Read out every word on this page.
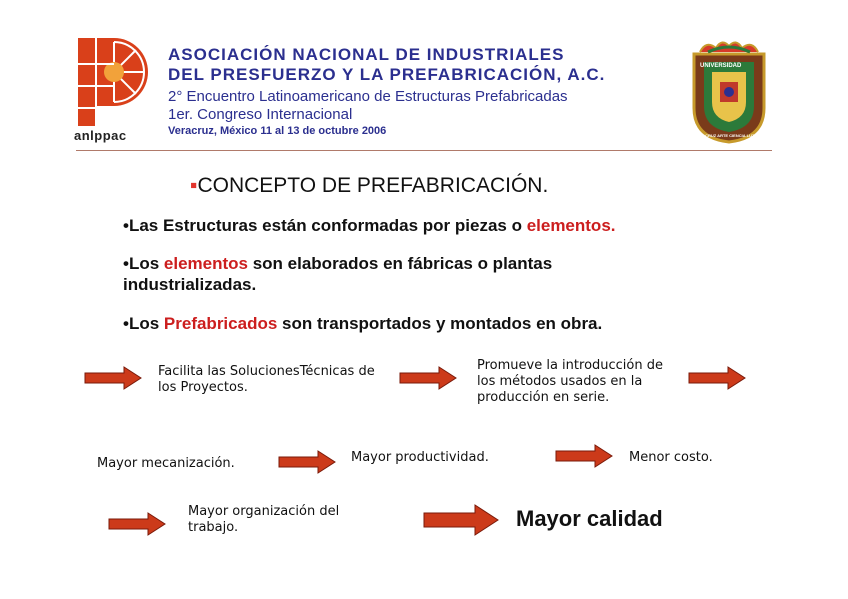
anlppac
ASOCIACIÓN NACIONAL DE INDUSTRIALES
DEL PRESFUERZO Y LA PREFABRICACIÓN, A.C.
2° Encuentro Latinoamericano de Estructuras Prefabricadas
1er. Congreso Internacional
Veracruz, México 11 al 13 de octubre 2006
UNIVERSIDAD
VERACRUZ ARTE CIENCIA LUZ
▪CONCEPTO DE PREFABRICACIÓN.
•Las Estructuras están conformadas por piezas o elementos.
•Los elementos son elaborados en fábricas o plantas industrializadas.
•Los Prefabricados son transportados y montados en obra.
Facilita las SolucionesTécnicas de los Proyectos.
Promueve la introducción de los métodos usados en la producción en serie.
Mayor mecanización.	Mayor productividad.	Menor costo.
Mayor organización del trabajo.	Mayor calidad
